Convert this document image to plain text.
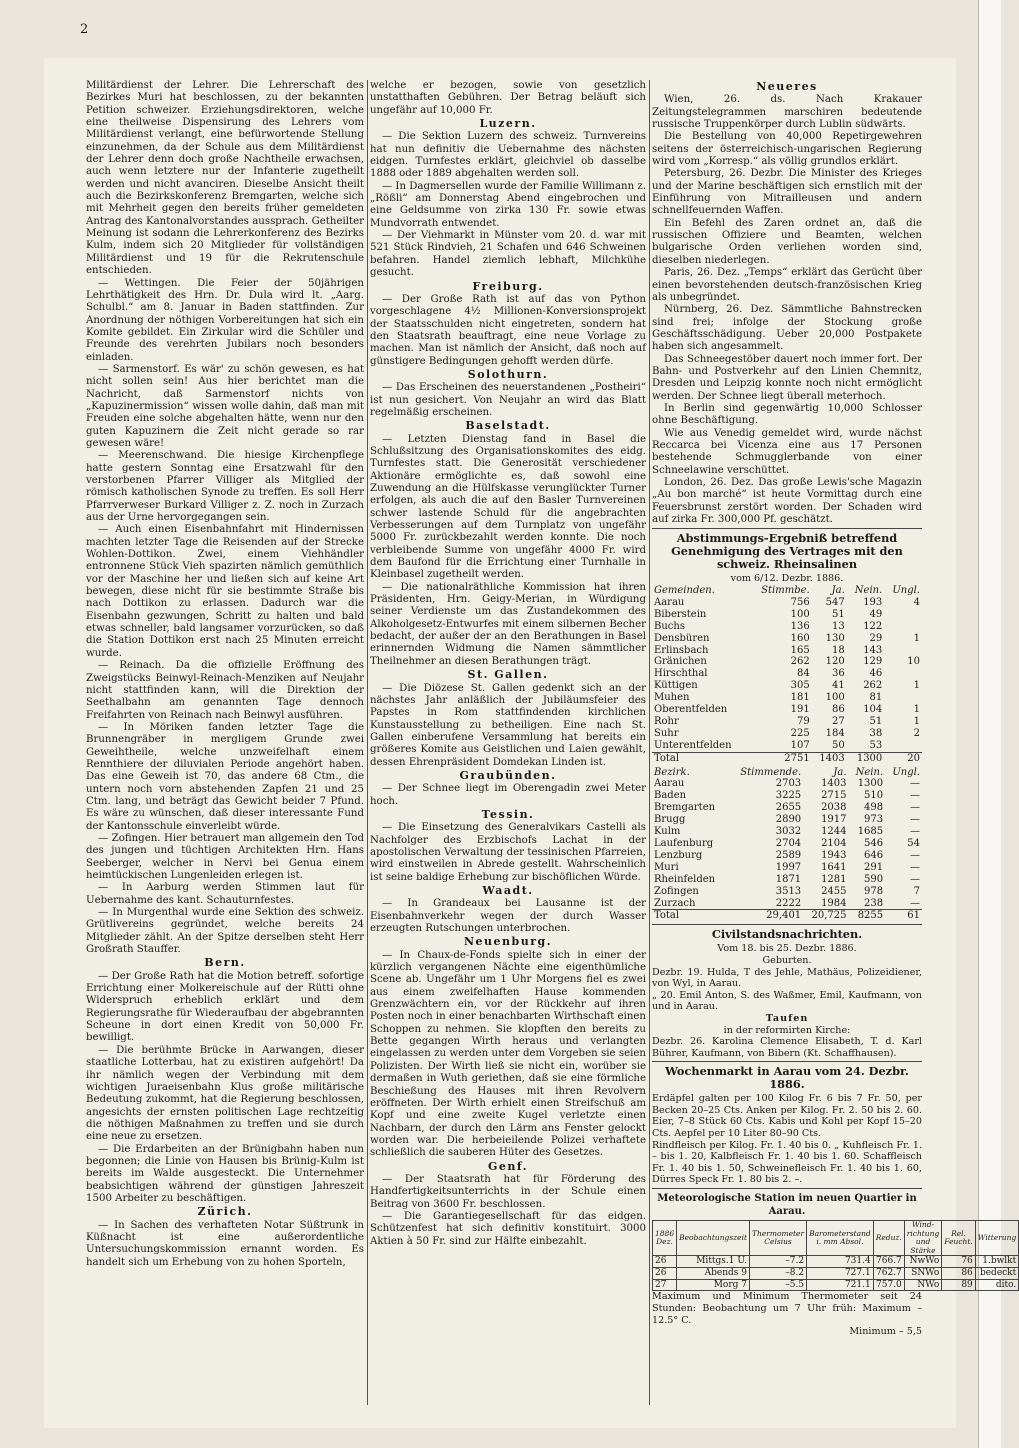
2

Militärdienst der Lehrer. Die Lehrerschaft des Bezirkes Muri hat beschlossen, zu der bekannten Petition schweizer. Erziehungsdirektoren, welche eine theilweise Dispensirung des Lehrers vom Militärdienst verlangt, eine befürwortende Stellung einzunehmen, da der Schule aus dem Militärdienst der Lehrer denn doch große Nachtheile erwachsen, auch wenn letztere nur der Infanterie zugetheilt werden und nicht avanciren. Dieselbe Ansicht theilt auch die Bezirkskonferenz Bremgarten, welche sich mit Mehrheit gegen den bereits früher gemeldeten Antrag des Kantonalvorstandes aussprach. Getheilter Meinung ist sodann die Lehrerkonferenz des Bezirks Kulm, indem sich 20 Mitglieder für vollständigen Militärdienst und 19 für die Rekrutenschule entschieden.

— Wettingen. Die Feier der 50jährigen Lehrthätigkeit des Hrn. Dr. Dula wird lt. „Aarg. Schulbl.“ am 8. Januar in Baden stattfinden. Zur Anordnung der nöthigen Vorbereitungen hat sich ein Komite gebildet. Ein Zirkular wird die Schüler und Freunde des verehrten Jubilars noch besonders einladen.

— Sarmenstorf. Es wär' zu schön gewesen, es hat nicht sollen sein! Aus hier berichtet man die Nachricht, daß Sarmenstorf nichts von „Kapuzinermission“ wissen wolle dahin, daß man mit Freuden eine solche abgehalten hätte, wenn nur den guten Kapuzinern die Zeit nicht gerade so rar gewesen wäre!

— Meerenschwand. Die hiesige Kirchenpflege hatte gestern Sonntag eine Ersatzwahl für den verstorbenen Pfarrer Villiger als Mitglied der römisch katholischen Synode zu treffen. Es soll Herr Pfarrverweser Burkard Villiger z. Z. noch in Zurzach aus der Urne hervorgegangen sein.

— Auch einen Eisenbahnfahrt mit Hindernissen machten letzter Tage die Reisenden auf der Strecke Wohlen-Dottikon. Zwei, einem Viehhändler entronnene Stück Vieh spazirten nämlich gemüthlich vor der Maschine her und ließen sich auf keine Art bewegen, diese nicht für sie bestimmte Straße bis nach Dottikon zu erlassen. Dadurch war die Eisenbahn gezwungen, Schritt zu halten und bald etwas schneller, bald langsamer vorzurücken, so daß die Station Dottikon erst nach 25 Minuten erreicht wurde.

— Reinach. Da die offizielle Eröffnung des Zweigstücks Beinwyl-Reinach-Menziken auf Neujahr nicht stattfinden kann, will die Direktion der Seethalbahn am genannten Tage dennoch Freifahrten von Reinach nach Beinwyl ausführen.

— In Möriken fanden letzter Tage die Brunnengräber in mergligem Grunde zwei Geweihtheile, welche unzweifelhaft einem Rennthiere der diluvialen Periode angehört haben. Das eine Geweih ist 70, das andere 68 Ctm., die untern noch vorn abstehenden Zapfen 21 und 25 Ctm. lang, und beträgt das Gewicht beider 7 Pfund. Es wäre zu wünschen, daß dieser interessante Fund der Kantonsschule einverleibt würde.

— Zofingen. Hier betrauert man allgemein den Tod des jungen und tüchtigen Architekten Hrn. Hans Seeberger, welcher in Nervi bei Genua einem heimtückischen Lungenleiden erlegen ist.

— In Aarburg werden Stimmen laut für Uebernahme des kant. Schauturnfestes.

— In Murgenthal wurde eine Sektion des schweiz. Grütlivereins gegründet, welche bereits 24 Mitglieder zählt. An der Spitze derselben steht Herr Großrath Stauffer.

Bern.

— Der Große Rath hat die Motion betreff. sofortige Errichtung einer Molkereischule auf der Rütti ohne Widerspruch erheblich erklärt und dem Regierungsrathe für Wiederaufbau der abgebrannten Scheune in dort einen Kredit von 50,000 Fr. bewilligt.

— Die berühmte Brücke in Aarwangen, dieser staatliche Lotterbau, hat zu existiren aufgehört! Da ihr nämlich wegen der Verbindung mit dem wichtigen Juraeisenbahn Klus große militärische Bedeutung zukommt, hat die Regierung beschlossen, angesichts der ernsten politischen Lage rechtzeitig die nöthigen Maßnahmen zu treffen und sie durch eine neue zu ersetzen.

— Die Erdarbeiten an der Brünigbahn haben nun begonnen; die Linie von Hausen bis Brünig-Kulm ist bereits im Walde ausgesteckt. Die Unternehmer beabsichtigen während der günstigen Jahreszeit 1500 Arbeiter zu beschäftigen.

Zürich.

— In Sachen des verhafteten Notar Süßtrunk in Küßnacht ist eine außerordentliche Untersuchungskommission ernannt worden. Es handelt sich um Erhebung von zu hohen Sporteln,

welche er bezogen, sowie von gesetzlich unstatthaften Gebühren. Der Betrag beläuft sich ungefähr auf 10,000 Fr.

Luzern.

— Die Sektion Luzern des schweiz. Turnvereins hat nun definitiv die Uebernahme des nächsten eidgen. Turnfestes erklärt, gleichviel ob dasselbe 1888 oder 1889 abgehalten werden soll.

— In Dagmersellen wurde der Familie Willimann z. „Rößli“ am Donnerstag Abend eingebrochen und eine Geldsumme von zirka 130 Fr. sowie etwas Mundvorrath entwendet.

— Der Viehmarkt in Münster vom 20. d. war mit 521 Stück Rindvieh, 21 Schafen und 646 Schweinen befahren. Handel ziemlich lebhaft, Milchkühe gesucht.

Freiburg.

— Der Große Rath ist auf das von Python vorgeschlagene 4½ Millionen-Konversionsprojekt der Staatsschulden nicht eingetreten, sondern hat den Staatsrath beauftragt, eine neue Vorlage zu machen. Man ist nämlich der Ansicht, daß noch auf günstigere Bedingungen gehofft werden dürfe.

Solothurn.

— Das Erscheinen des neuerstandenen „Postheiri“ ist nun gesichert. Von Neujahr an wird das Blatt regelmäßig erscheinen.

Baselstadt.

— Letzten Dienstag fand in Basel die Schlußsitzung des Organisationskomites des eidg. Turnfestes statt. Die Generosität verschiedener Aktionäre ermöglichte es, daß sowohl eine Zuwendung an die Hülfskasse verunglückter Turner erfolgen, als auch die auf den Basler Turnvereinen schwer lastende Schuld für die angebrachten Verbesserungen auf dem Turnplatz von ungefähr 5000 Fr. zurückbezahlt werden konnte. Die noch verbleibende Summe von ungefähr 4000 Fr. wird dem Baufond für die Errichtung einer Turnhalle in Kleinbasel zugetheilt werden.

— Die nationalräthliche Kommission hat ihren Präsidenten, Hrn. Geigy-Merian, in Würdigung seiner Verdienste um das Zustandekommen des Alkoholgesetz-Entwurfes mit einem silbernen Becher bedacht, der außer der an den Berathungen in Basel erinnernden Widmung die Namen sämmtlicher Theilnehmer an diesen Berathungen trägt.

St. Gallen.

— Die Diözese St. Gallen gedenkt sich an der nächstes Jahr anläßlich der Jubiläumsfeier des Papstes in Rom stattfindenden kirchlichen Kunstausstellung zu betheiligen. Eine nach St. Gallen einberufene Versammlung hat bereits ein größeres Komite aus Geistlichen und Laien gewählt, dessen Ehrenpräsident Domdekan Linden ist.

Graubünden.

— Der Schnee liegt im Oberengadin zwei Meter hoch.

Tessin.

— Die Einsetzung des Generalvikars Castelli als Nachfolger des Erzbischofs Lachat in der apostolischen Verwaltung der tessinischen Pfarreien, wird einstweilen in Abrede gestellt. Wahrscheinlich ist seine baldige Erhebung zur bischöflichen Würde.

Waadt.

— In Grandeaux bei Lausanne ist der Eisenbahnverkehr wegen der durch Wasser erzeugten Rutschungen unterbrochen.

Neuenburg.

— In Chaux-de-Fonds spielte sich in einer der kürzlich vergangenen Nächte eine eigenthümliche Scene ab. Ungefähr um 1 Uhr Morgens fiel es zwei aus einem zweifelhaften Hause kommenden Grenzwächtern ein, vor der Rückkehr auf ihren Posten noch in einer benachbarten Wirthschaft einen Schoppen zu nehmen. Sie klopften den bereits zu Bette gegangen Wirth heraus und verlangten eingelassen zu werden unter dem Vorgeben sie seien Polizisten. Der Wirth ließ sie nicht ein, worüber sie dermaßen in Wuth geriethen, daß sie eine förmliche Beschießung des Hauses mit ihren Revolvern eröffneten. Der Wirth erhielt einen Streifschuß am Kopf und eine zweite Kugel verletzte einen Nachbarn, der durch den Lärm ans Fenster gelockt worden war. Die herbeieilende Polizei verhaftete schließlich die sauberen Hüter des Gesetzes.

Genf.

— Der Staatsrath hat für Förderung des Handfertigkeitsunterrichts in der Schule einen Beitrag von 3600 Fr. beschlossen.

— Die Garantiegesellschaft für das eidgen. Schützenfest hat sich definitiv konstituirt. 3000 Aktien à 50 Fr. sind zur Hälfte einbezahlt.

Neueres

Wien, 26. ds. Nach Krakauer Zeitungstelegrammen marschiren bedeutende russische Truppenkörper durch Lublin südwärts.

Die Bestellung von 40,000 Repetirgewehren seitens der österreichisch-ungarischen Regierung wird vom „Korresp.“ als völlig grundlos erklärt.

Petersburg, 26. Dezbr. Die Minister des Krieges und der Marine beschäftigen sich ernstlich mit der Einführung von Mitrailleusen und andern schnellfeuernden Waffen.

Ein Befehl des Zaren ordnet an, daß die russischen Offiziere und Beamten, welchen bulgarische Orden verliehen worden sind, dieselben niederlegen.

Paris, 26. Dez. „Temps“ erklärt das Gerücht über einen bevorstehenden deutsch-französischen Krieg als unbegründet.

Nürnberg, 26. Dez. Sämmtliche Bahnstrecken sind frei; infolge der Stockung große Geschäftsschädigung. Ueber 20,000 Postpakete haben sich angesammelt.

Das Schneegestöber dauert noch immer fort. Der Bahn- und Postverkehr auf den Linien Chemnitz, Dresden und Leipzig konnte noch nicht ermöglicht werden. Der Schnee liegt überall meterhoch.

In Berlin sind gegenwärtig 10,000 Schlosser ohne Beschäftigung.

Wie aus Venedig gemeldet wird, wurde nächst Reccarca bei Vicenza eine aus 17 Personen bestehende Schmugglerbande von einer Schneelawine verschüttet.

London, 26. Dez. Das große Lewis'sche Magazin „Au bon marché“ ist heute Vormittag durch eine Feuersbrunst zerstört worden. Der Schaden wird auf zirka Fr. 300,000 Pf. geschätzt.

Abstimmungs-Ergebniß betreffend Genehmigung des Vertrages mit den schweiz. Rheinsalinen
vom 6/12. Dezbr. 1886.
Gemeinden.	Stimmbe.	Ja.	Nein.	Ungl.
Aarau	756	547	193	4
Biberstein	100	51	49	
Buchs	136	13	122	
Densbüren	160	130	29	1
Erlinsbach	165	18	143	
Gränichen	262	120	129	10
Hirschthal	84	36	46	
Küttigen	305	41	262	1
Muhen	181	100	81	
Oberentfelden	191	86	104	1
Rohr	79	27	51	1
Suhr	225	184	38	2
Unterentfelden	107	50	53	
Total	2751	1403	1300	20
Bezirk.	Stimmende.	Ja.	Nein.	Ungl.
Aarau	2703	1403	1300	—
Baden	3225	2715	510	—
Bremgarten	2655	2038	498	—
Brugg	2890	1917	973	—
Kulm	3032	1244	1685	—
Laufenburg	2704	2104	546	54
Lenzburg	2589	1943	646	—
Muri	1997	1641	291	—
Rheinfelden	1871	1281	590	—
Zofingen	3513	2455	978	7
Zurzach	2222	1984	238	—
Total	29,401	20,725	8255	61
Civilstandsnachrichten.
Vom 18. bis 25. Dezbr. 1886.
Geburten.
Dezbr. 19. Hulda, T des Jehle, Mathäus, Polizeidiener, von Wyl, in Aarau.
„ 20. Emil Anton, S. des Waßmer, Emil, Kaufmann, von und in Aarau.
Taufen
in der reformirten Kirche:
Dezbr. 26. Karolina Clemence Elisabeth, T. d. Karl Bührer, Kaufmann, von Bibern (Kt. Schaffhausen).
Wochenmarkt in Aarau vom 24. Dezbr. 1886.
Erdäpfel galten per 100 Kilog Fr. 6 bis 7 Fr. 50, per Becken 20–25 Cts. Anken per Kilog. Fr. 2. 50 bis 2. 60. Eier, 7–8 Stück 60 Cts. Kabis und Kohl per Kopf 15–20 Cts. Aepfel per 10 Liter 80–90 Cts.
Rindfleisch per Kilog. Fr. 1. 40 bis 0. „ Kuhfleisch Fr. 1. – bis 1. 20, Kalbfleisch Fr. 1. 40 bis 1. 60. Schaffleisch Fr. 1. 40 bis 1. 50, Schweinefleisch Fr. 1. 40 bis 1. 60, Dürres Speck Fr. 1. 80 bis 2. –.
Meteorologische Station im neuen Quartier in Aarau.
1886 Dez.	Beobachtungszeit	Thermometer Celsius	Barometerstand i. mm Absol.	Reduz.	Windrichtung und Stärke	Rel. Feucht.	Witterung
26	Mittgs.1 U.	–7.2	731.4	766.7	NwWo	76	1.bwlkt
26	Abends 9	–8.2	727.1	762.7	SNWo	86	bedeckt
27	Morg 7	–5.5	721.1	757.0	NWo	89	dito.
Maximum und Minimum Thermometer seit 24 Stunden: Beobachtung um 7 Uhr früh: Maximum –12.5° C.
Minimum – 5,5
